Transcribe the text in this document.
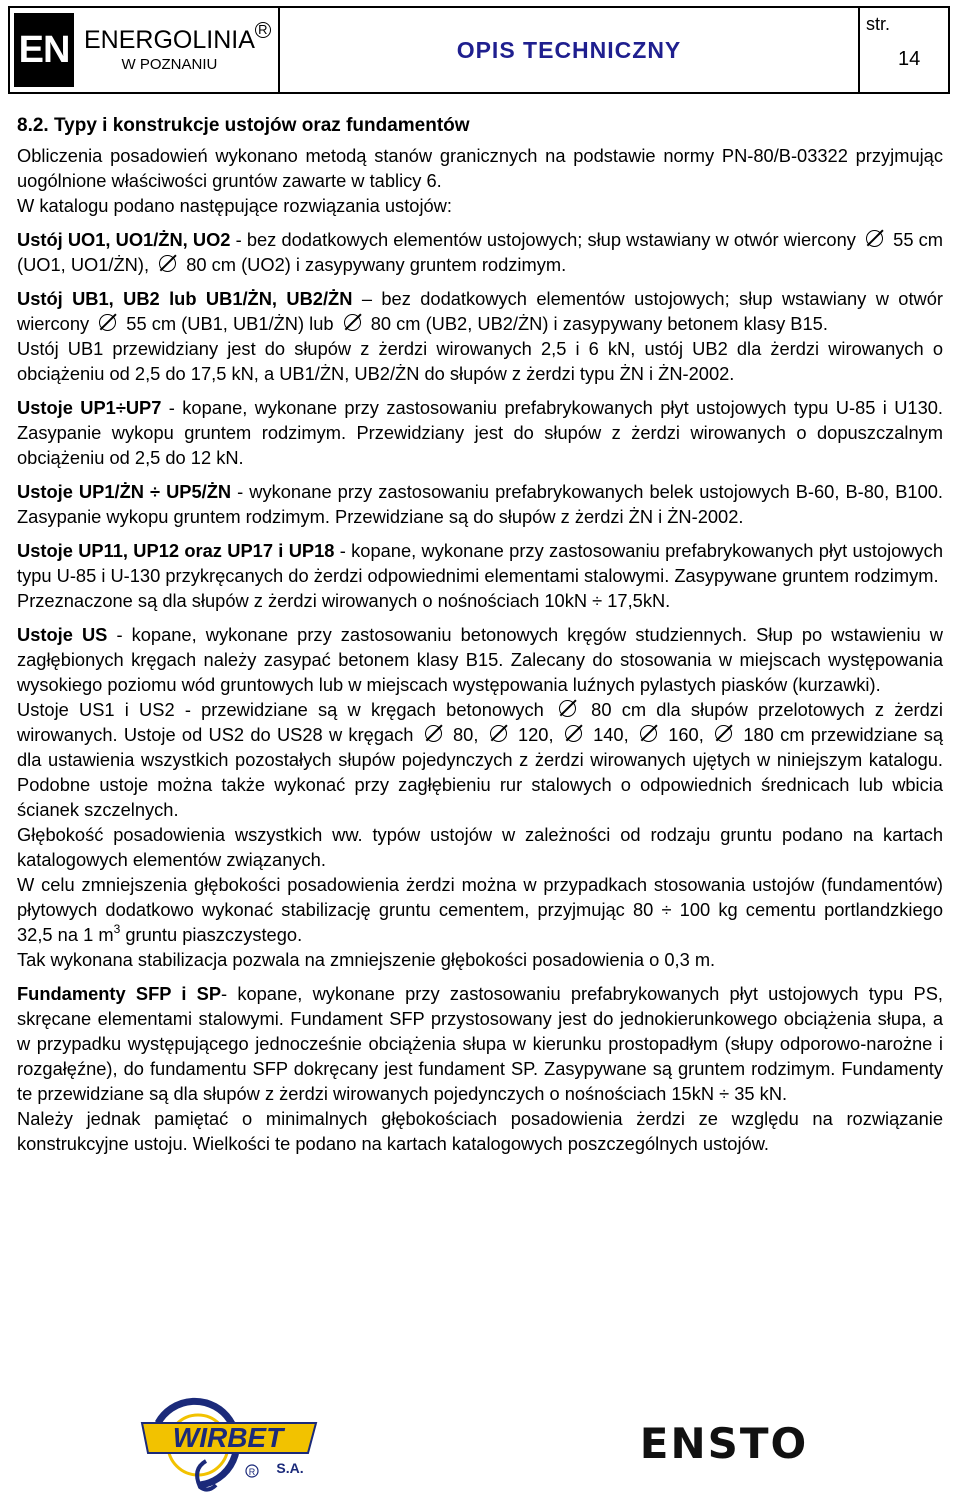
EN ENERGOLINIA R
W POZNANIU
OPIS TECHNICZNY
str.
14

8.2. Typy i konstrukcje ustojów oraz fundamentów

Obliczenia posadowień wykonano metodą stanów granicznych na podstawie normy PN-80/B-03322 przyjmując uogólnione właściwości gruntów zawarte w tablicy 6.

W katalogu podano następujące rozwiązania ustojów:

Ustój UO1, UO1/ŻN, UO2 - bez dodatkowych elementów ustojowych; słup wstawiany w otwór wiercony  55 cm (UO1, UO1/ŻN),  80 cm (UO2) i zasypywany gruntem rodzimym.

Ustój UB1, UB2 lub UB1/ŻN, UB2/ŻN – bez dodatkowych elementów ustojowych; słup wstawiany w otwór wiercony  55 cm (UB1, UB1/ŻN) lub  80 cm (UB2, UB2/ŻN) i zasypywany betonem klasy B15.

Ustój UB1 przewidziany jest do słupów z żerdzi wirowanych 2,5 i 6 kN, ustój UB2 dla żerdzi wirowanych o obciążeniu od 2,5 do 17,5 kN, a UB1/ŻN, UB2/ŻN do słupów z żerdzi typu ŻN i ŻN-2002.

Ustoje UP1÷UP7 - kopane, wykonane przy zastosowaniu prefabrykowanych płyt ustojowych typu U-85 i U130. Zasypanie wykopu gruntem rodzimym. Przewidziany jest do słupów z żerdzi wirowanych o dopuszczalnym obciążeniu od 2,5 do 12 kN.

Ustoje UP1/ŻN ÷ UP5/ŻN - wykonane przy zastosowaniu prefabrykowanych belek ustojowych B-60, B-80, B100. Zasypanie wykopu gruntem rodzimym. Przewidziane są do słupów z żerdzi ŻN i ŻN-2002.

Ustoje UP11, UP12 oraz UP17 i UP18 - kopane, wykonane przy zastosowaniu prefabrykowanych płyt ustojowych typu U-85 i U-130 przykręcanych do żerdzi odpowiednimi elementami stalowymi. Zasypywane gruntem rodzimym.

Przeznaczone są dla słupów z żerdzi wirowanych o nośnościach 10kN ÷ 17,5kN.

Ustoje US - kopane, wykonane przy zastosowaniu betonowych kręgów studziennych. Słup po wstawieniu w zagłębionych kręgach należy zasypać betonem klasy B15. Zalecany do stosowania w miejscach występowania wysokiego poziomu wód gruntowych lub w miejscach występowania luźnych pylastych piasków (kurzawki).

Ustoje US1 i US2 - przewidziane są w kręgach betonowych  80 cm dla słupów przelotowych z żerdzi wirowanych. Ustoje od US2 do US28 w kręgach  80,  120,  140,  160,  180 cm przewidziane są dla ustawienia wszystkich pozostałych słupów pojedynczych z żerdzi wirowanych ujętych w niniejszym katalogu. Podobne ustoje można także wykonać przy zagłębieniu rur stalowych o odpowiednich średnicach lub wbicia ścianek szczelnych.

Głębokość posadowienia wszystkich ww. typów ustojów w zależności od rodzaju gruntu podano na kartach katalogowych elementów związanych.

W celu zmniejszenia głębokości posadowienia żerdzi można w przypadkach stosowania ustojów (fundamentów) płytowych dodatkowo wykonać stabilizację gruntu cementem, przyjmując 80 ÷ 100 kg cementu portlandzkiego 32,5 na 1 $m^3$ gruntu piaszczystego.

Tak wykonana stabilizacja pozwala na zmniejszenie głębokości posadowienia o 0,3 m.

Fundamenty SFP i SP- kopane, wykonane przy zastosowaniu prefabrykowanych płyt ustojowych typu PS, skręcane elementami stalowymi. Fundament SFP przystosowany jest do jednokierunkowego obciążenia słupa, a w przypadku występującego jednocześnie obciążenia słupa w kierunku prostopadłym (słupy odporowo-narożne i rozgałęźne), do fundamentu SFP dokręcany jest fundament SP. Zasypywane są gruntem rodzimym. Fundamenty te przewidziane są dla słupów z żerdzi wirowanych pojedynczych o nośnościach 15kN ÷ 35 kN.

Należy jednak pamiętać o minimalnych głębokościach posadowienia żerdzi ze względu na rozwiązanie konstrukcyjne ustoju. Wielkości te podano na kartach katalogowych poszczególnych ustojów.

WIRBET
S.A.
R
ENSTO
